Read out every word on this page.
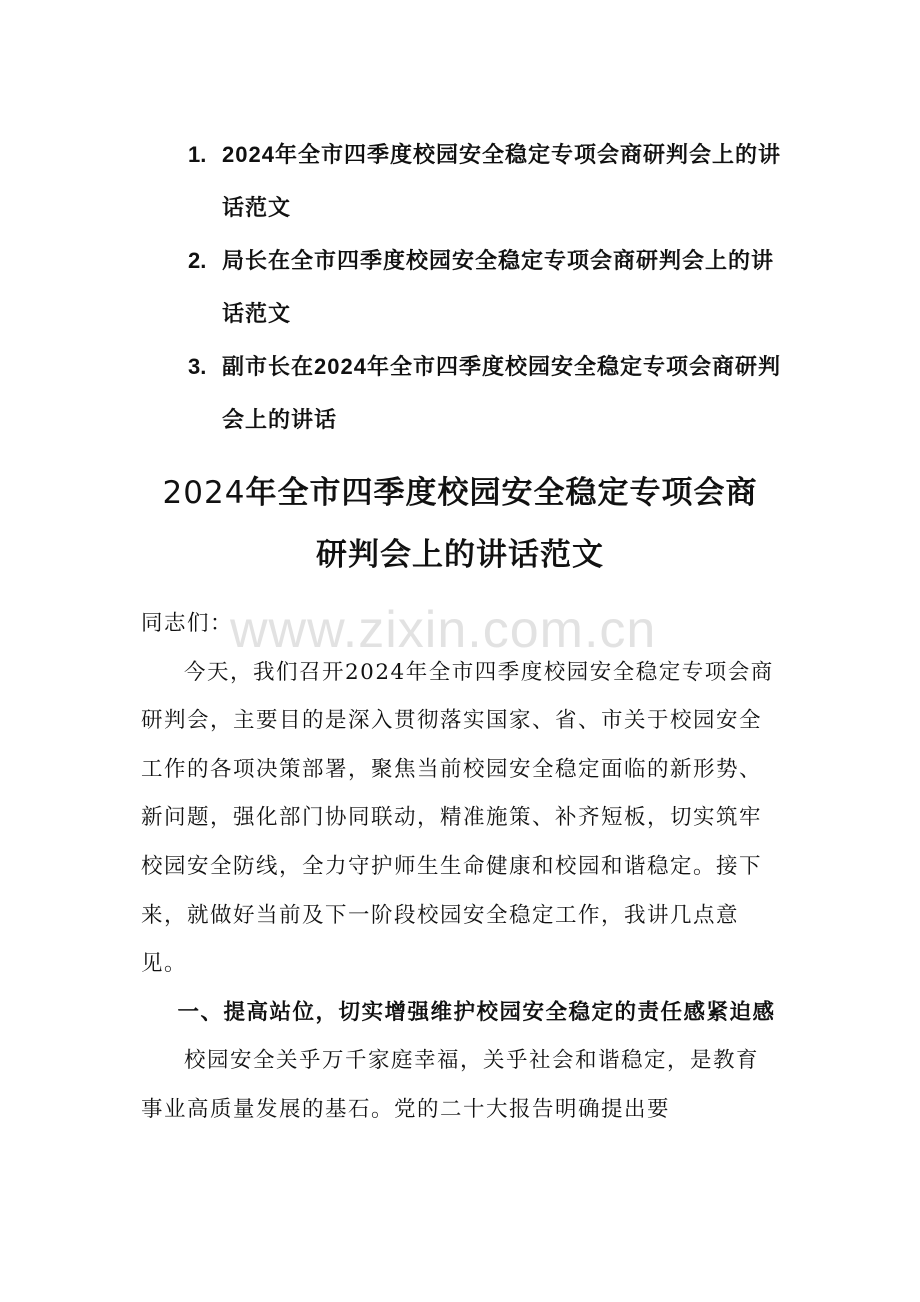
1. 2024年全市四季度校园安全稳定专项会商研判会上的讲话范文
2. 局长在全市四季度校园安全稳定专项会商研判会上的讲话范文
3. 副市长在2024年全市四季度校园安全稳定专项会商研判会上的讲话
2024年全市四季度校园安全稳定专项会商
研判会上的讲话范文
www.zixin.com.cn

同志们：

今天，我们召开2024年全市四季度校园安全稳定专项会商研判会，主要目的是深入贯彻落实国家、省、市关于校园安全工作的各项决策部署，聚焦当前校园安全稳定面临的新形势、新问题，强化部门协同联动，精准施策、补齐短板，切实筑牢校园安全防线，全力守护师生生命健康和校园和谐稳定。接下来，就做好当前及下一阶段校园安全稳定工作，我讲几点意见。

一、提高站位，切实增强维护校园安全稳定的责任感紧迫感

校园安全关乎万千家庭幸福，关乎社会和谐稳定，是教育事业高质量发展的基石。党的二十大报告明确提出要
